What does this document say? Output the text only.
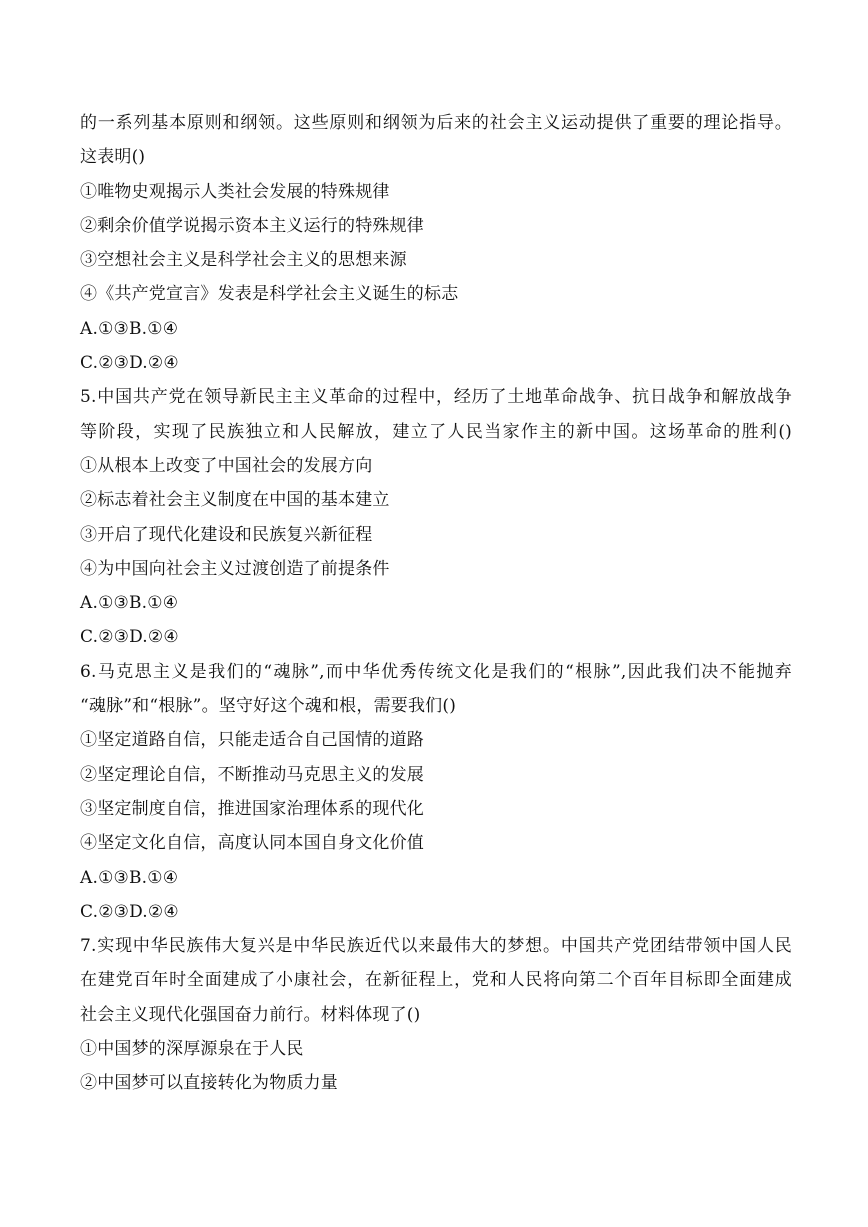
的一系列基本原则和纲领。这些原则和纲领为后来的社会主义运动提供了重要的理论指导。
这表明()
①唯物史观揭示人类社会发展的特殊规律
②剩余价值学说揭示资本主义运行的特殊规律
③空想社会主义是科学社会主义的思想来源
④《共产党宣言》发表是科学社会主义诞生的标志
A.①③B.①④
C.②③D.②④
5.中国共产党在领导新民主主义革命的过程中，经历了土地革命战争、抗日战争和解放战争
等阶段，实现了民族独立和人民解放，建立了人民当家作主的新中国。这场革命的胜利()
①从根本上改变了中国社会的发展方向
②标志着社会主义制度在中国的基本建立
③开启了现代化建设和民族复兴新征程
④为中国向社会主义过渡创造了前提条件
A.①③B.①④
C.②③D.②④
6.马克思主义是我们的“魂脉”,而中华优秀传统文化是我们的“根脉”,因此我们决不能抛弃
“魂脉”和“根脉”。坚守好这个魂和根，需要我们()
①坚定道路自信，只能走适合自己国情的道路
②坚定理论自信，不断推动马克思主义的发展
③坚定制度自信，推进国家治理体系的现代化
④坚定文化自信，高度认同本国自身文化价值
A.①③B.①④
C.②③D.②④
7.实现中华民族伟大复兴是中华民族近代以来最伟大的梦想。中国共产党团结带领中国人民
在建党百年时全面建成了小康社会，在新征程上，党和人民将向第二个百年目标即全面建成
社会主义现代化强国奋力前行。材料体现了()
①中国梦的深厚源泉在于人民
②中国梦可以直接转化为物质力量
